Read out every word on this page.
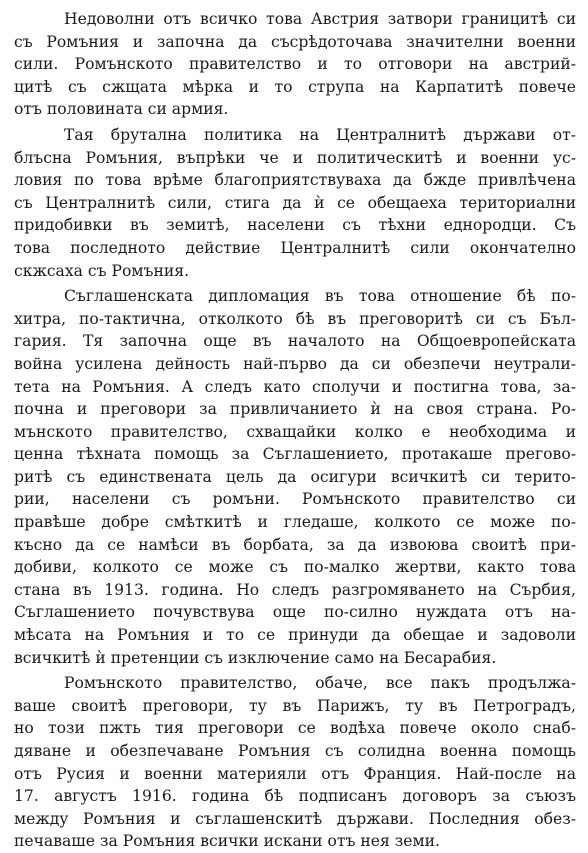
Недоволни отъ всичко това Австрия затвори границитѣ си
съ Ромъния и започна да съсрѣдоточава значителни военни
сили. Ромънското правителство и то отговори на австрий-
цитѣ съ сжщата мѣрка и то струпа на Карпатитѣ повече
отъ половината си армия.
Тая брутална политика на Централнитѣ държави от-
блъсна Ромъния, въпрѣки че и политическитѣ и военни ус-
ловия по това врѣме благоприятствуваха да бжде привлѣчена
съ Централнитѣ сили, стига да ѝ се обещаеха териториални
придобивки въ земитѣ, населени съ тѣхни еднородци. Съ
това последното действие Централнитѣ сили окончателно
скжсаха съ Ромъния.
Съглашенската дипломация въ това отношение бѣ по-
хитра, по-тактична, отколкото бѣ въ преговоритѣ си съ Бъл-
гария. Тя започна още въ началото на Общоевропейската
война усилена дейность най-първо да си обезпечи неутрали-
тета на Ромъния. А следъ като сполучи и постигна това, за-
почна и преговори за привличанието ѝ на своя страна. Ро-
мънското правителство, схващайки колко е необходима и
ценна тѣхната помощь за Съглашението, протакаше прегово-
ритѣ съ единствената цель да осигури всичкитѣ си терито-
рии, населени съ ромъни. Ромънското правителство си
правѣше добре смѣткитѣ и гледаше, колкото се може по-
късно да се намѣси въ борбата, за да извоюва своитѣ при-
добиви, колкото се може съ по-малко жертви, както това
стана въ 1913. година. Но следъ разгромяването на Сърбия,
Съглашението почувствува още по-силно нуждата отъ на-
мѣсата на Ромъния и то се принуди да обещае и задоволи
всичкитѣ ѝ претенции съ изключение само на Бесарабия.
Ромънското правителство, обаче, все пакъ продължа-
ваше своитѣ преговори, ту въ Парижъ, ту въ Петроградъ,
но този пжть тия преговори се водѣха повече около снаб-
дяване и обезпечаване Ромъния съ солидна военна помощь
отъ Русия и военни материяли отъ Франция. Най-после на
17. августъ 1916. година бѣ подписанъ договоръ за съюзъ
между Ромъния и съглашенскитѣ държави. Последния обез-
печаваше за Ромъния всички искани отъ нея земи.
